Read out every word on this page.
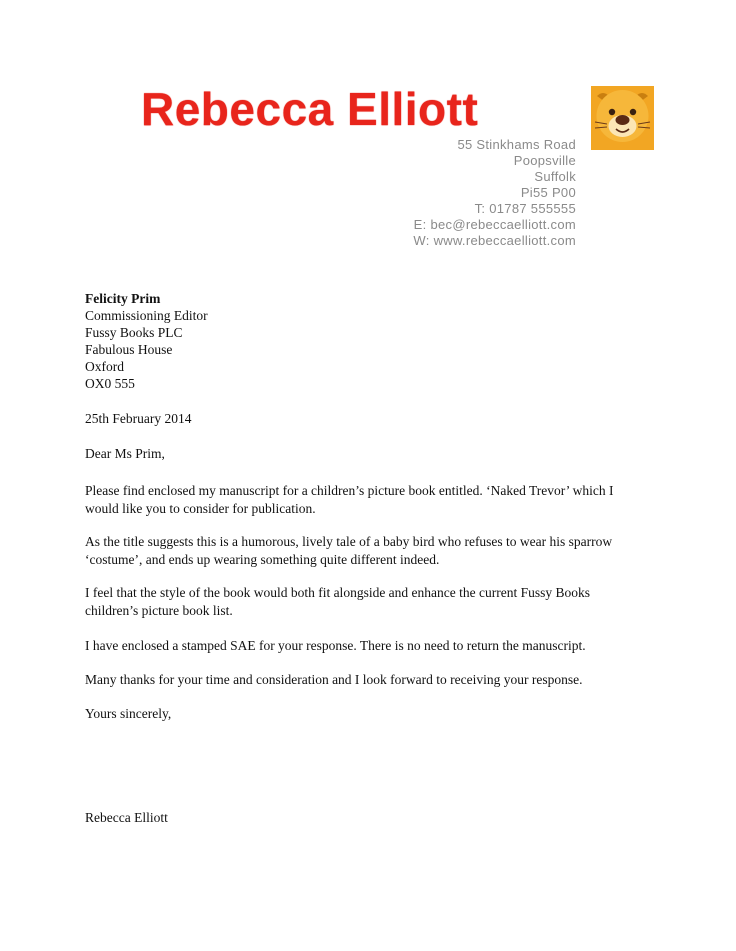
Rebecca Elliott
55 Stinkhams Road
Poopsville
Suffolk
Pi55 P00
T: 01787 555555
E: bec@rebeccaelliott.com
W: www.rebeccaelliott.com
Felicity Prim
Commissioning Editor
Fussy Books PLC
Fabulous House
Oxford
OX0 555
25th February 2014
Dear Ms Prim,

Please find enclosed my manuscript for a children’s picture book entitled. ‘Naked Trevor’ which I would like you to consider for publication.

As the title suggests this is a humorous, lively tale of a baby bird who refuses to wear his sparrow ‘costume’, and ends up wearing something quite different indeed.

I feel that the style of the book would both fit alongside and enhance the current Fussy Books children’s picture book list.

I have enclosed a stamped SAE for your response. There is no need to return the manuscript.

Many thanks for your time and consideration and I look forward to receiving your response.

Yours sincerely,
Rebecca Elliott
